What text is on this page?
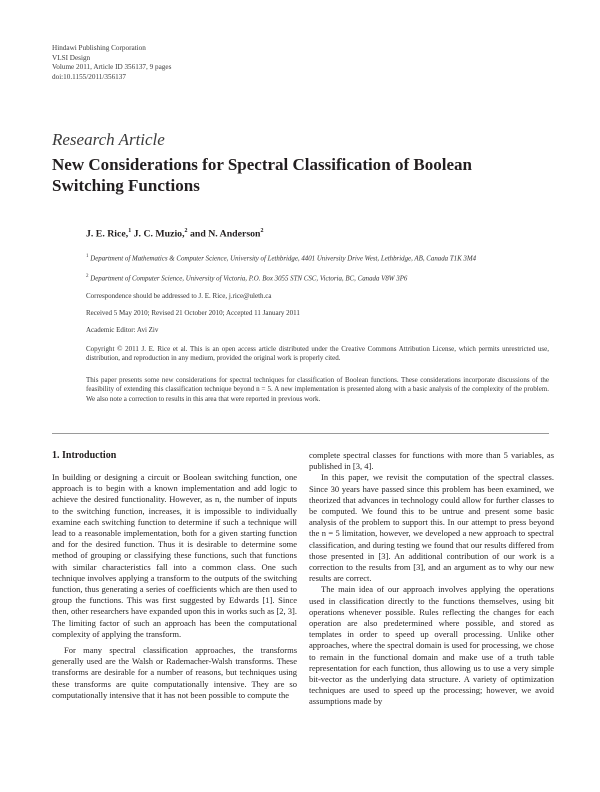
Hindawi Publishing Corporation
VLSI Design
Volume 2011, Article ID 356137, 9 pages
doi:10.1155/2011/356137
Research Article
New Considerations for Spectral Classification of Boolean Switching Functions
J. E. Rice,$^1$ J. C. Muzio,$^2$ and N. Anderson$^2$
$^1$ Department of Mathematics & Computer Science, University of Lethbridge, 4401 University Drive West, Lethbridge, AB, Canada T1K 3M4
$^2$ Department of Computer Science, University of Victoria, P.O. Box 3055 STN CSC, Victoria, BC, Canada V8W 3P6
Correspondence should be addressed to J. E. Rice, j.rice@uleth.ca
Received 5 May 2010; Revised 21 October 2010; Accepted 11 January 2011
Academic Editor: Avi Ziv
Copyright © 2011 J. E. Rice et al. This is an open access article distributed under the Creative Commons Attribution License, which permits unrestricted use, distribution, and reproduction in any medium, provided the original work is properly cited.
This paper presents some new considerations for spectral techniques for classification of Boolean functions. These considerations incorporate discussions of the feasibility of extending this classification technique beyond n = 5. A new implementation is presented along with a basic analysis of the complexity of the problem. We also note a correction to results in this area that were reported in previous work.
1. Introduction

In building or designing a circuit or Boolean switching function, one approach is to begin with a known implementation and add logic to achieve the desired functionality. However, as n, the number of inputs to the switching function, increases, it is impossible to individually examine each switching function to determine if such a technique will lead to a reasonable implementation, both for a given starting function and for the desired function. Thus it is desirable to determine some method of grouping or classifying these functions, such that functions with similar characteristics fall into a common class. One such technique involves applying a transform to the outputs of the switching function, thus generating a series of coefficients which are then used to group the functions. This was first suggested by Edwards [1]. Since then, other researchers have expanded upon this in works such as [2, 3]. The limiting factor of such an approach has been the computational complexity of applying the transform.

For many spectral classification approaches, the transforms generally used are the Walsh or Rademacher-Walsh transforms. These transforms are desirable for a number of reasons, but techniques using these transforms are quite computationally intensive. They are so computationally intensive that it has not been possible to compute the

complete spectral classes for functions with more than 5 variables, as published in [3, 4].

In this paper, we revisit the computation of the spectral classes. Since 30 years have passed since this problem has been examined, we theorized that advances in technology could allow for further classes to be computed. We found this to be untrue and present some basic analysis of the problem to support this. In our attempt to press beyond the n = 5 limitation, however, we developed a new approach to spectral classification, and during testing we found that our results differed from those presented in [3]. An additional contribution of our work is a correction to the results from [3], and an argument as to why our new results are correct.

The main idea of our approach involves applying the operations used in classification directly to the functions themselves, using bit operations whenever possible. Rules reflecting the changes for each operation are also predetermined where possible, and stored as templates in order to speed up overall processing. Unlike other approaches, where the spectral domain is used for processing, we chose to remain in the functional domain and make use of a truth table representation for each function, thus allowing us to use a very simple bit-vector as the underlying data structure. A variety of optimization techniques are used to speed up the processing; however, we avoid assumptions made by
